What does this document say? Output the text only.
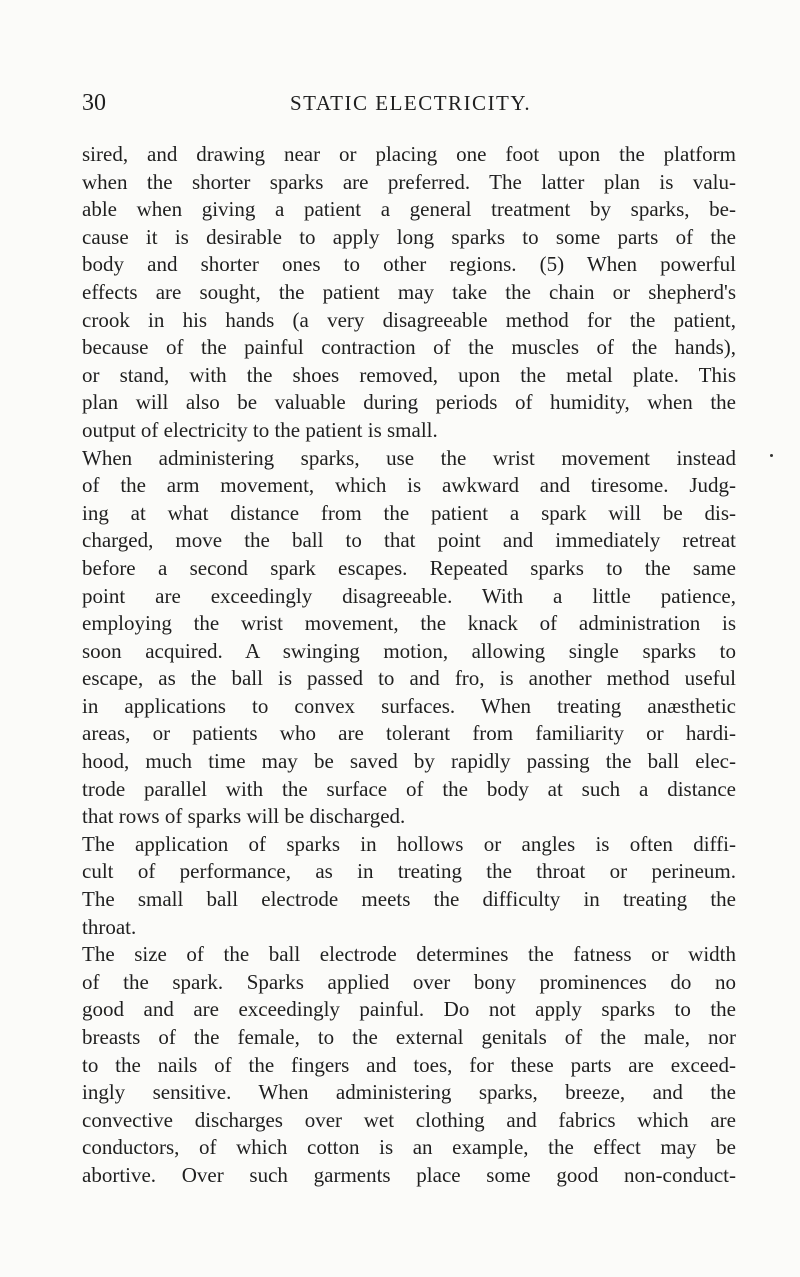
30	STATIC ELECTRICITY.
sired, and drawing near or placing one foot upon the platform
when the shorter sparks are preferred. The latter plan is valu-
able when giving a patient a general treatment by sparks, be-
cause it is desirable to apply long sparks to some parts of the
body and shorter ones to other regions. (5) When powerful
effects are sought, the patient may take the chain or shepherd's
crook in his hands (a very disagreeable method for the patient,
because of the painful contraction of the muscles of the hands),
or stand, with the shoes removed, upon the metal plate. This
plan will also be valuable during periods of humidity, when the
output of electricity to the patient is small.
When administering sparks, use the wrist movement instead
of the arm movement, which is awkward and tiresome. Judg-
ing at what distance from the patient a spark will be dis-
charged, move the ball to that point and immediately retreat
before a second spark escapes. Repeated sparks to the same
point are exceedingly disagreeable. With a little patience,
employing the wrist movement, the knack of administration is
soon acquired. A swinging motion, allowing single sparks to
escape, as the ball is passed to and fro, is another method useful
in applications to convex surfaces. When treating anæsthetic
areas, or patients who are tolerant from familiarity or hardi-
hood, much time may be saved by rapidly passing the ball elec-
trode parallel with the surface of the body at such a distance
that rows of sparks will be discharged.
The application of sparks in hollows or angles is often diffi-
cult of performance, as in treating the throat or perineum.
The small ball electrode meets the difficulty in treating the
throat.
The size of the ball electrode determines the fatness or width
of the spark. Sparks applied over bony prominences do no
good and are exceedingly painful. Do not apply sparks to the
breasts of the female, to the external genitals of the male, nor
to the nails of the fingers and toes, for these parts are exceed-
ingly sensitive. When administering sparks, breeze, and the
convective discharges over wet clothing and fabrics which are
conductors, of which cotton is an example, the effect may be
abortive. Over such garments place some good non-conduct-
